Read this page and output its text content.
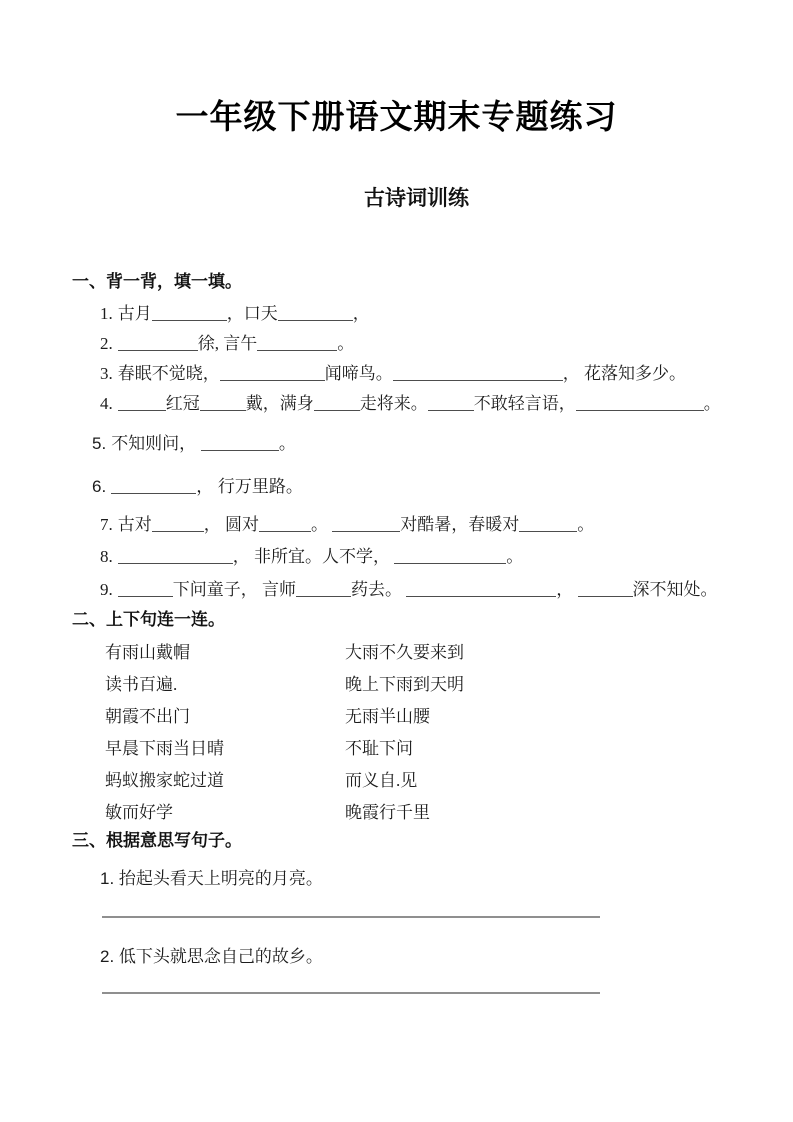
一年级下册语文期末专题练习
古诗词训练
一、背一背，填一填。
1. 古月	，口天	，
2.	徐, 言午	。
3. 春眠不觉晓，	闻啼鸟。	， 花落知多少。
4.	红冠	戴，满身	走将来。	不敢轻言语，	。
5. 不知则问，	。
6.	， 行万里路。
7. 古对	， 圆对	。	对酷暑，春暖对	。
8.	， 非所宜。人不学，	。
9.	下问童子， 言师	药去。	，	深不知处。
二、上下句连一连。
有雨山戴帽	大雨不久要来到
读书百遍.	晚上下雨到天明
朝霞不出门	无雨半山腰
早晨下雨当日晴	不耻下问
蚂蚁搬家蛇过道	而义自.见
敏而好学	晚霞行千里
三、根据意思写句子。
1. 抬起头看天上明亮的月亮。
2. 低下头就思念自己的故乡。
